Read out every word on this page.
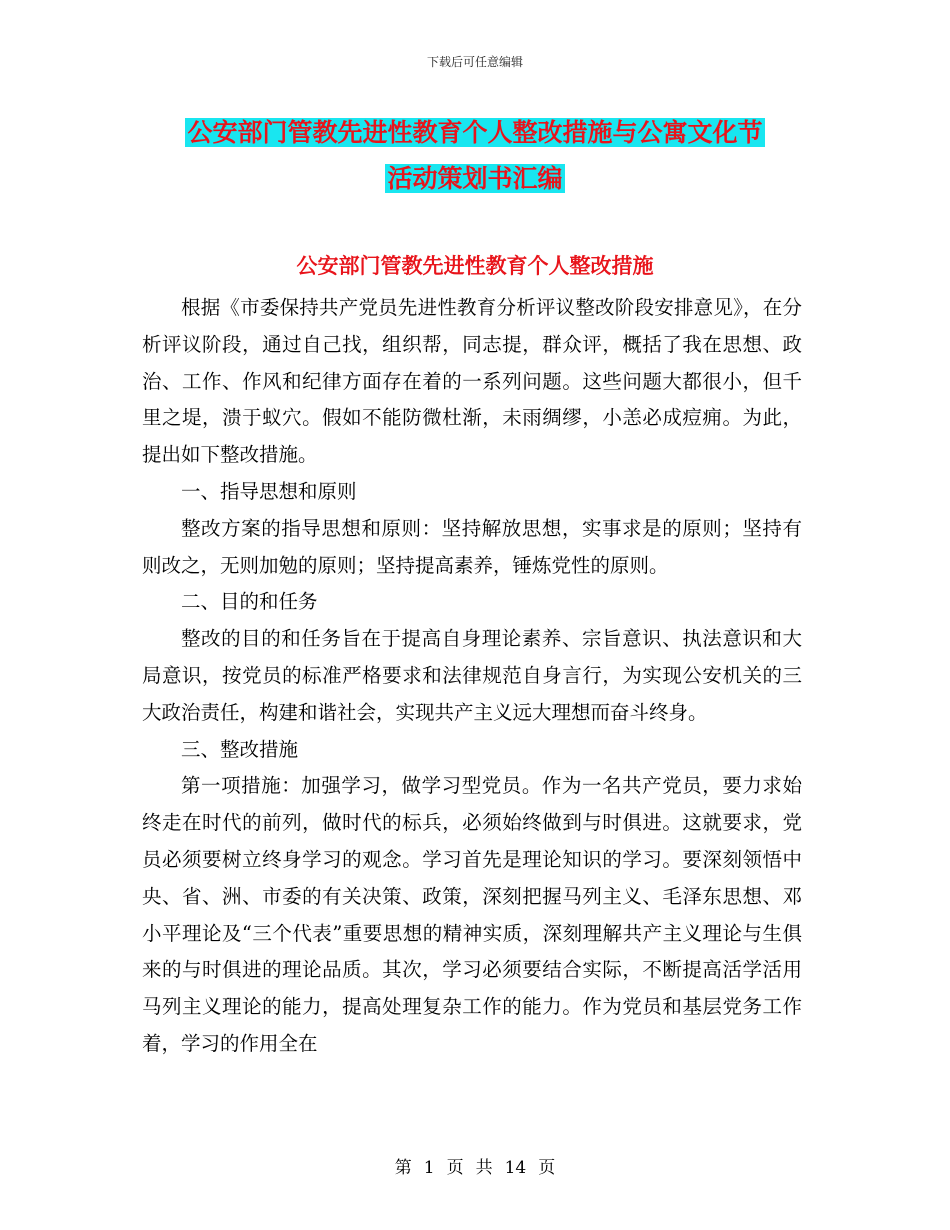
下载后可任意编辑
公安部门管教先进性教育个人整改措施与公寓文化节
活动策划书汇编
公安部门管教先进性教育个人整改措施

根据《市委保持共产党员先进性教育分析评议整改阶段安排意见》，在分析评议阶段，通过自己找，组织帮，同志提，群众评，概括了我在思想、政治、工作、作风和纪律方面存在着的一系列问题。这些问题大都很小，但千里之堤，溃于蚁穴。假如不能防微杜渐，未雨绸缪，小恙必成痘痈。为此，提出如下整改措施。

一、指导思想和原则

整改方案的指导思想和原则：坚持解放思想，实事求是的原则；坚持有则改之，无则加勉的原则；坚持提高素养，锤炼党性的原则。

二、目的和任务

整改的目的和任务旨在于提高自身理论素养、宗旨意识、执法意识和大局意识，按党员的标准严格要求和法律规范自身言行，为实现公安机关的三大政治责任，构建和谐社会，实现共产主义远大理想而奋斗终身。

三、整改措施

第一项措施：加强学习，做学习型党员。作为一名共产党员，要力求始终走在时代的前列，做时代的标兵，必须始终做到与时俱进。这就要求，党员必须要树立终身学习的观念。学习首先是理论知识的学习。要深刻领悟中央、省、洲、市委的有关决策、政策，深刻把握马列主义、毛泽东思想、邓小平理论及“三个代表”重要思想的精神实质，深刻理解共产主义理论与生俱来的与时俱进的理论品质。其次，学习必须要结合实际，不断提高活学活用马列主义理论的能力，提高处理复杂工作的能力。作为党员和基层党务工作着，学习的作用全在

第 1 页 共 14 页
